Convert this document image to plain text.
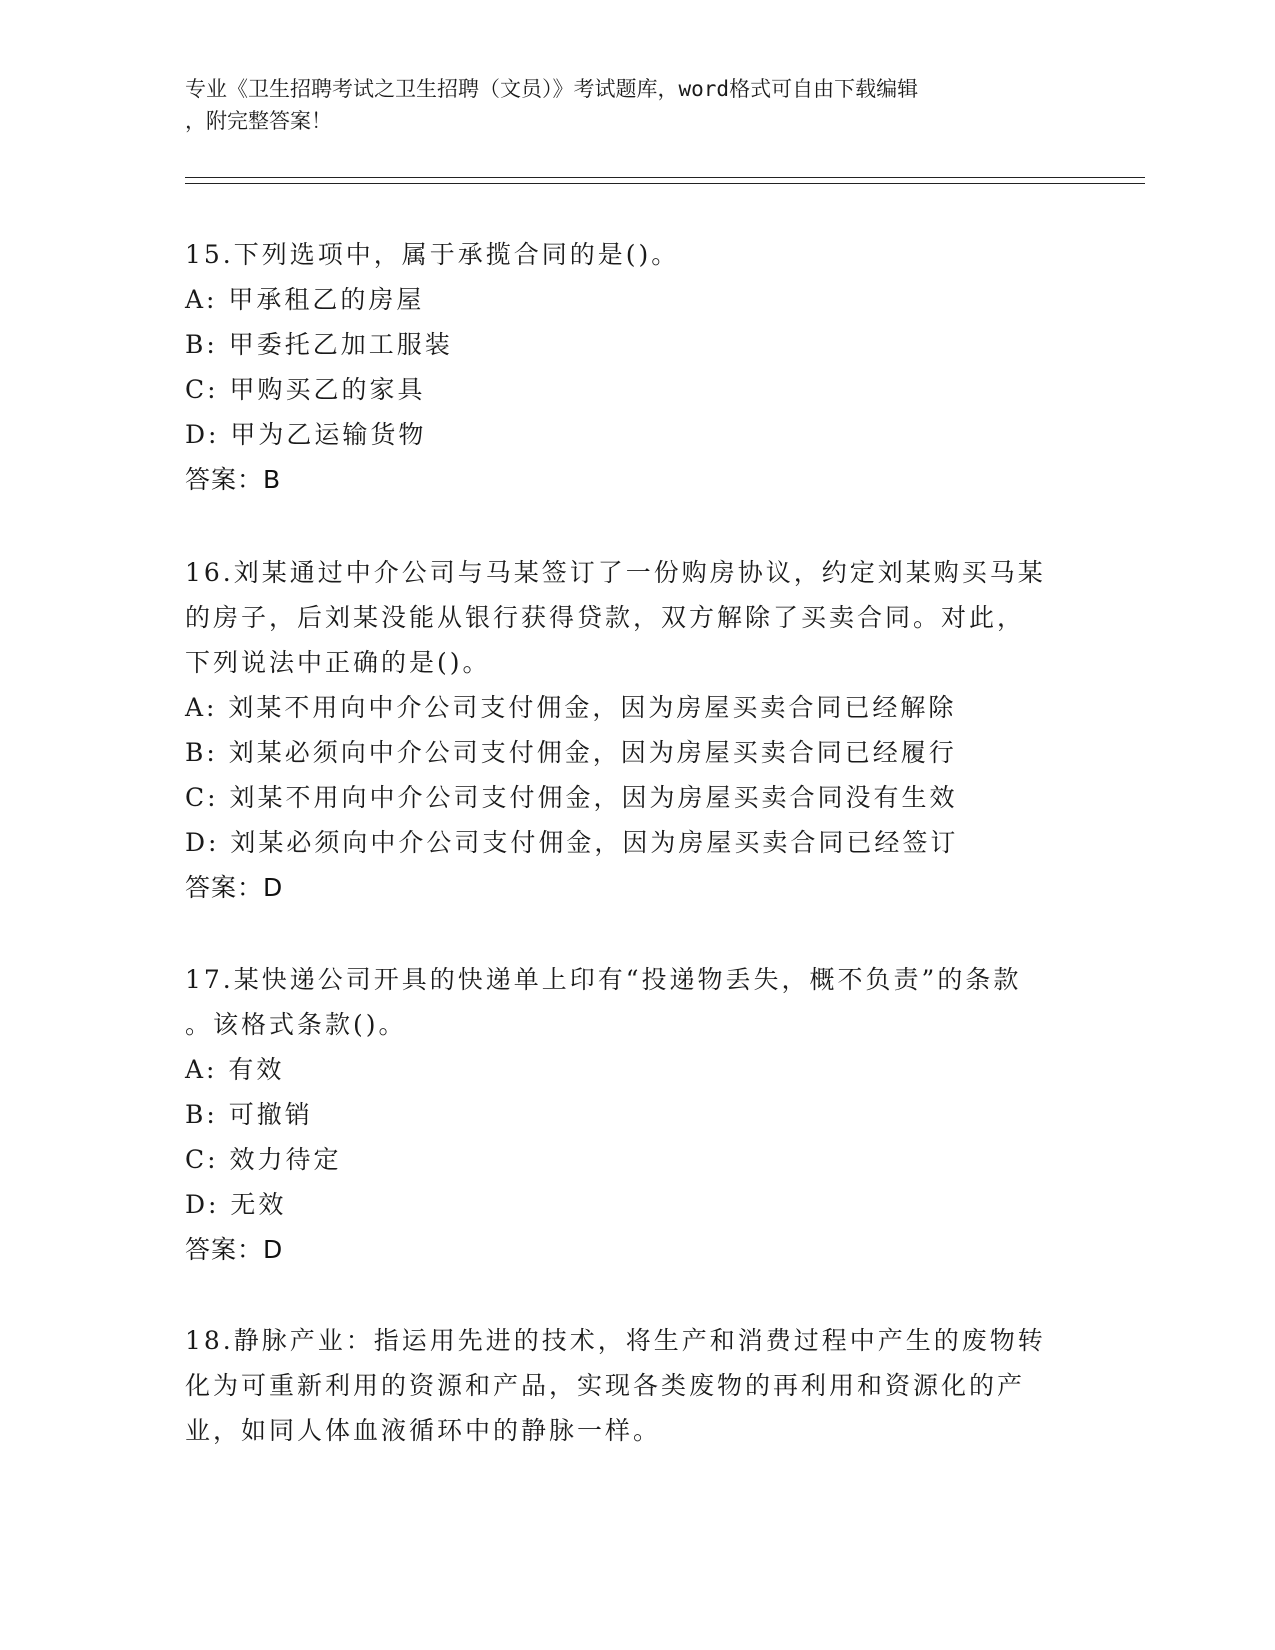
专业《卫生招聘考试之卫生招聘（文员）》考试题库，word格式可自由下载编辑
，附完整答案！
15.下列选项中，属于承揽合同的是()。
A: 甲承租乙的房屋
B: 甲委托乙加工服装
C: 甲购买乙的家具
D: 甲为乙运输货物
答案：B
16.刘某通过中介公司与马某签订了一份购房协议，约定刘某购买马某
的房子，后刘某没能从银行获得贷款，双方解除了买卖合同。对此，
下列说法中正确的是()。
A: 刘某不用向中介公司支付佣金，因为房屋买卖合同已经解除
B: 刘某必须向中介公司支付佣金，因为房屋买卖合同已经履行
C: 刘某不用向中介公司支付佣金，因为房屋买卖合同没有生效
D: 刘某必须向中介公司支付佣金，因为房屋买卖合同已经签订
答案：D
17.某快递公司开具的快递单上印有“投递物丢失，概不负责”的条款
。该格式条款()。
A: 有效
B: 可撤销
C: 效力待定
D: 无效
答案：D
18.静脉产业：指运用先进的技术，将生产和消费过程中产生的废物转
化为可重新利用的资源和产品，实现各类废物的再利用和资源化的产
业，如同人体血液循环中的静脉一样。
